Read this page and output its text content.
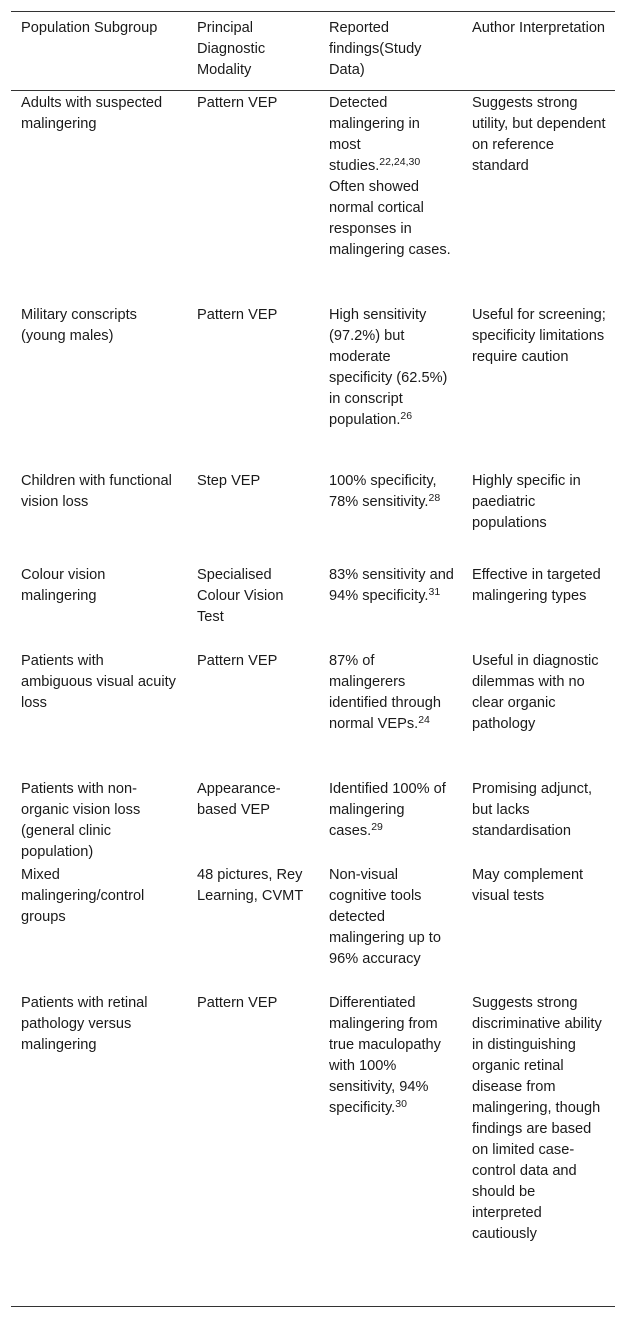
Population Subgroup	Principal Diagnostic Modality	Reported findings(Study Data)	Author Interpretation
Adults with suspected malingering	Pattern VEP	Detected malingering in most studies.$^{22,24,30}$ Often showed normal cortical responses in malingering cases.	Suggests strong utility, but dependent on reference standard
Military conscripts (young males)	Pattern VEP	High sensitivity (97.2%) but moderate specificity (62.5%) in conscript population.$^{26}$	Useful for screening; specificity limitations require caution
Children with functional vision loss	Step VEP	100% specificity, 78% sensitivity.$^{28}$	Highly specific in paediatric populations
Colour vision malingering	Specialised Colour Vision Test	83% sensitivity and 94% specificity.$^{31}$	Effective in targeted malingering types
Patients with ambiguous visual acuity loss	Pattern VEP	87% of malingerers identified through normal VEPs.$^{24}$	Useful in diagnostic dilemmas with no clear organic pathology
Patients with non-organic vision loss (general clinic population)	Appearance-based VEP	Identified 100% of malingering cases.$^{29}$	Promising adjunct, but lacks standardisation
Mixed malingering/control groups	48 pictures, Rey Learning, CVMT	Non-visual cognitive tools detected malingering up to 96% accuracy	May complement visual tests
Patients with retinal pathology versus malingering	Pattern VEP	Differentiated malingering from true maculopathy with 100% sensitivity, 94% specificity.$^{30}$	Suggests strong discriminative ability in distinguishing organic retinal disease from malingering, though findings are based on limited case-control data and should be interpreted cautiously
